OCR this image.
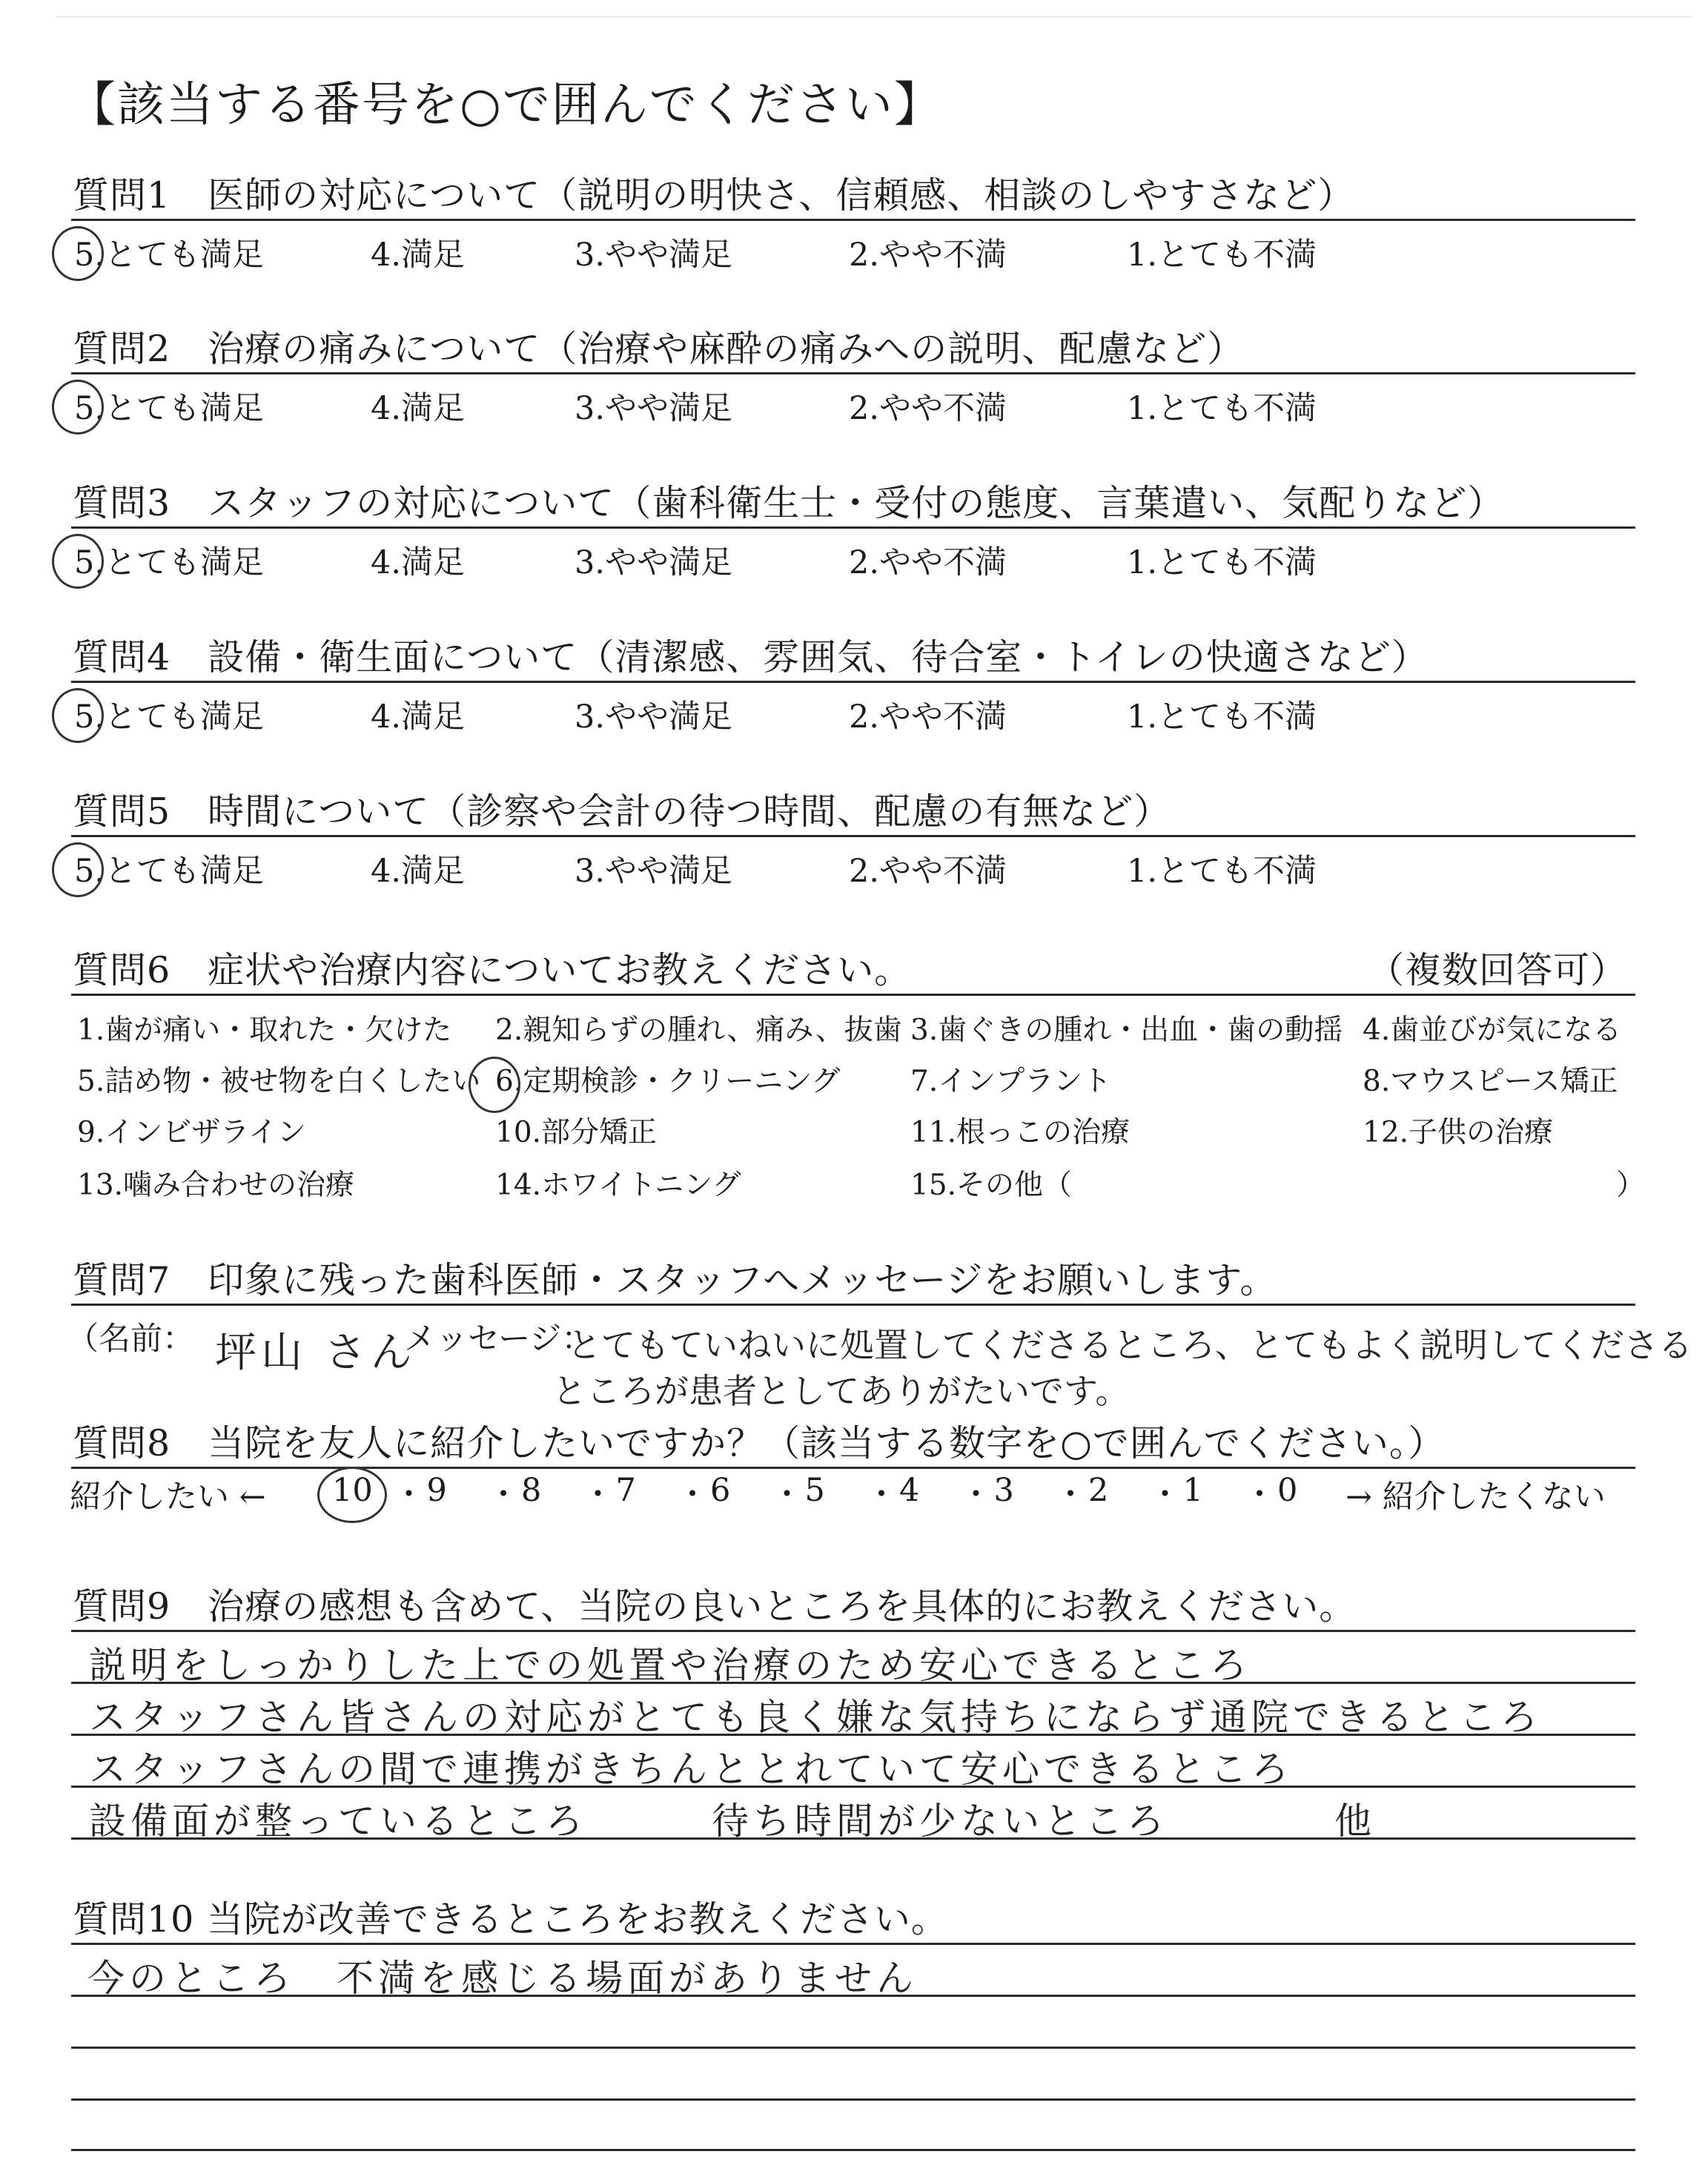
【該当する番号を○で囲んでください】
質問1　医師の対応について（説明の明快さ、信頼感、相談のしやすさなど）
5.とても満足	4.満足	3.やや満足	2.やや不満	1.とても不満
質問2　治療の痛みについて（治療や麻酔の痛みへの説明、配慮など）
5.とても満足	4.満足	3.やや満足	2.やや不満	1.とても不満
質問3　スタッフの対応について（歯科衛生士・受付の態度、言葉遣い、気配りなど）
5.とても満足	4.満足	3.やや満足	2.やや不満	1.とても不満
質問4　設備・衛生面について（清潔感、雰囲気、待合室・トイレの快適さなど）
5.とても満足	4.満足	3.やや満足	2.やや不満	1.とても不満
質問5　時間について（診察や会計の待つ時間、配慮の有無など）
5.とても満足	4.満足	3.やや満足	2.やや不満	1.とても不満
質問6　症状や治療内容についてお教えください。	（複数回答可）
1.歯が痛い・取れた・欠けた 2.親知らずの腫れ、痛み、抜歯 3.歯ぐきの腫れ・出血・歯の動揺 4.歯並びが気になる
5.詰め物・被せ物を白くしたい 6.定期検診・クリーニング 7.インプラント	8.マウスピース矯正
9.インビザライン	10.部分矯正	11.根っこの治療	12.子供の治療
13.噛み合わせの治療	14.ホワイトニング	15.その他（	）
質問7　印象に残った歯科医師・スタッフへメッセージをお願いします。
（名前： 坪山 さん
メッセージ：
とてもていねいに処置してくださるところ、とてもよく説明してくださる
ところが患者としてありがたいです。
質問8　当院を友人に紹介したいですか？（該当する数字を○で囲んでください。）
紹介したい ← 10 ・ 9 ・ 8 ・ 7 ・ 6 ・ 5 ・ 4 ・ 3 ・ 2 ・ 1 ・ 0 → 紹介したくない
質問9　治療の感想も含めて、当院の良いところを具体的にお教えください。
説明をしっかりした上での処置や治療のため安心できるところ
スタッフさん皆さんの対応がとても良く嫌な気持ちにならず通院できるところ
スタッフさんの間で連携がきちんととれていて安心できるところ
設備面が整っているところ　　　待ち時間が少ないところ　　　　他
質問10 当院が改善できるところをお教えください。
今のところ　不満を感じる場面がありません
